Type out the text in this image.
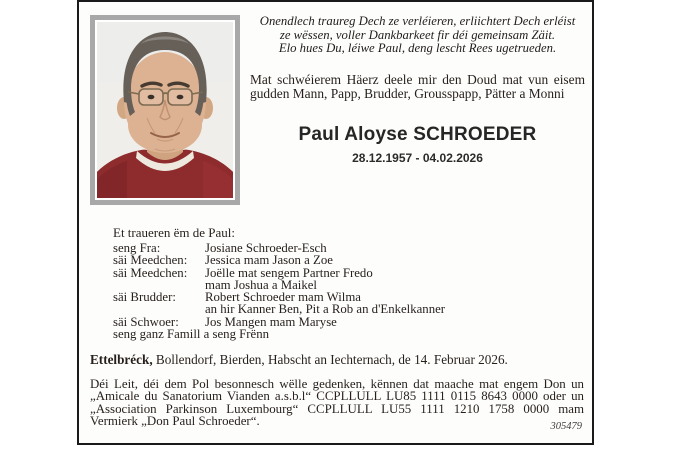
Onendlech traureg Dech ze verléieren, erliichtert Dech erléist
ze wëssen, voller Dankbarkeet fir déi gemeinsam Zäit.
Elo hues Du, léiwe Paul, deng lescht Rees ugetrueden.
Mat schwéierem Häerz deele mir den Doud mat vun eisem
gudden Mann, Papp, Brudder, Grousspapp, Pätter a Monni
Paul Aloyse SCHROEDER
28.12.1957 - 04.02.2026
Et traueren ëm de Paul:
seng Fra:	Josiane Schroeder-Esch
säi Meedchen:	Jessica mam Jason a Zoe
säi Meedchen:	Joëlle mat sengem Partner Fredo
mam Joshua a Maikel
säi Brudder:	Robert Schroeder mam Wilma
an hir Kanner Ben, Pit a Rob an d'Enkelkanner
säi Schwoer:	Jos Mangen mam Maryse
seng ganz Famill a seng Frënn
Ettelbréck, Bollendorf, Bierden, Habscht an Iechternach, de 14. Februar 2026.
Déi Leit, déi dem Pol besonnesch wëlle gedenken, kënnen dat maache mat engem Don un
„Amicale du Sanatorium Vianden a.s.b.l“ CCPLLULL LU85 1111 0115 8643 0000 oder un
„Association Parkinson Luxembourg“ CCPLLULL LU55 1111 1210 1758 0000 mam
Vermierk „Don Paul Schroeder“.	305479
